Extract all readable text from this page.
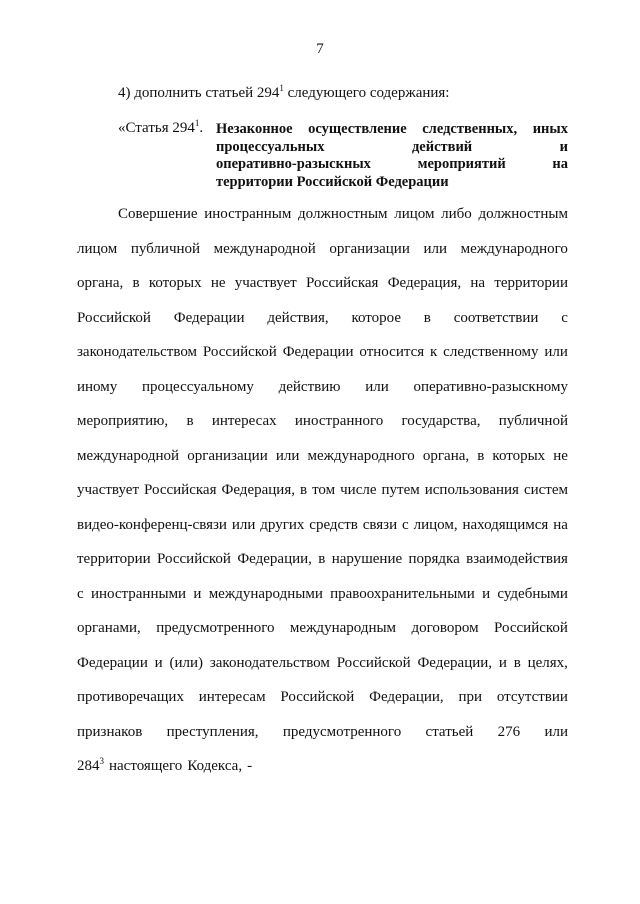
7
4) дополнить статьей $294^1$ следующего содержания:
«Статья $294^1$. Незаконное осуществление следственных, иных
процессуальных	действий	и
оперативно-разыскных	мероприятий	на
территории Российской Федерации
Совершение иностранным должностным лицом либо должностным
лицом публичной международной организации или международного
органа, в которых не участвует Российская Федерация, на территории
Российской Федерации действия, которое в соответствии с
законодательством Российской Федерации относится к следственному или
иному процессуальному действию или оперативно-разыскному
мероприятию, в интересах иностранного государства, публичной
международной организации или международного органа, в которых не
участвует Российская Федерация, в том числе путем использования систем
видео-конференц-связи или других средств связи с лицом, находящимся на
территории Российской Федерации, в нарушение порядка взаимодействия
с иностранными и международными правоохранительными и судебными
органами, предусмотренного международным договором Российской
Федерации и (или) законодательством Российской Федерации, и в целях,
противоречащих интересам Российской Федерации, при отсутствии
признаков преступления, предусмотренного статьей 276 или
$284^3$ настоящего Кодекса, -
